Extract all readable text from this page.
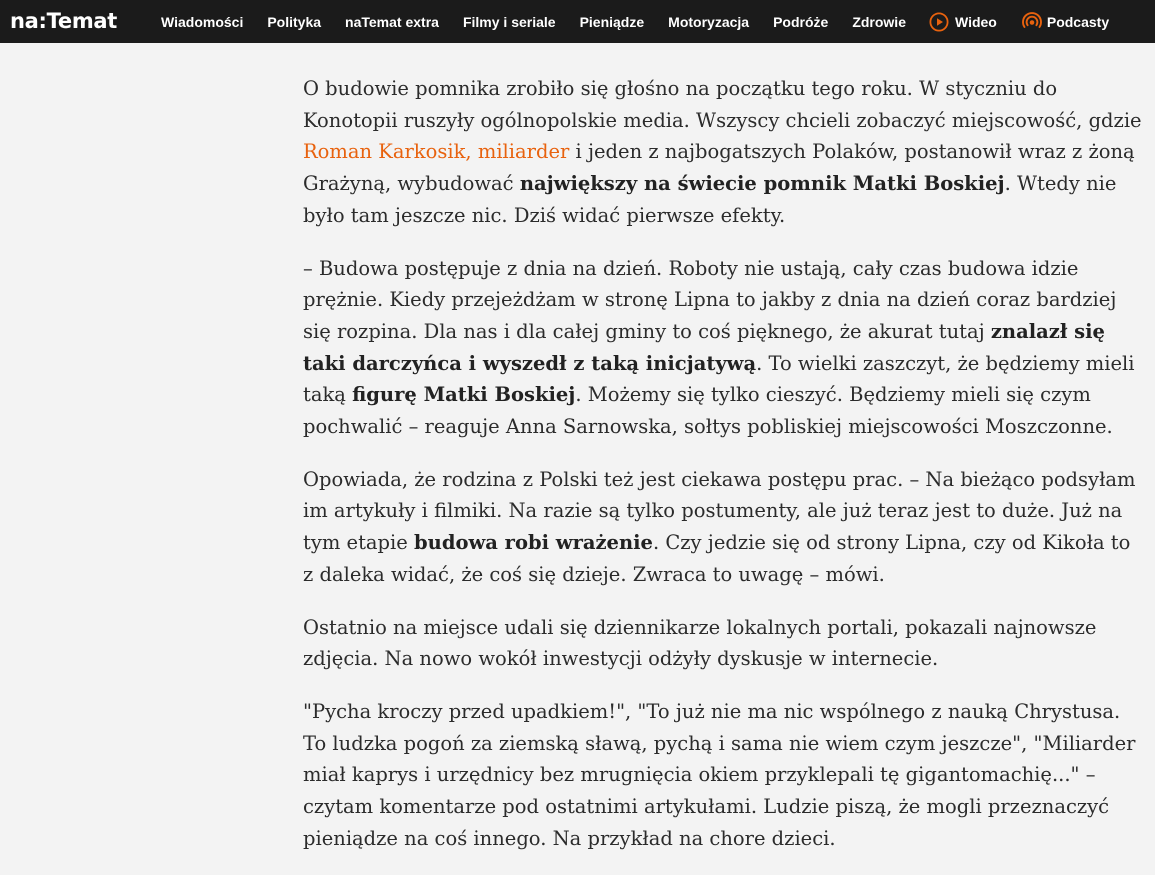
na:Temat	Wiadomości Polityka naTemat extra Filmy i seriale Pieniądze Motoryzacja Podróże Zdrowie	Wideo	Podcasty

O budowie pomnika zrobiło się głośno na początku tego roku. W styczniu do Konotopii ruszyły ogólnopolskie media. Wszyscy chcieli zobaczyć miejscowość, gdzie Roman Karkosik, miliarder i jeden z najbogatszych Polaków, postanowił wraz z żoną Grażyną, wybudować największy na świecie pomnik Matki Boskiej. Wtedy nie było tam jeszcze nic. Dziś widać pierwsze efekty.

– Budowa postępuje z dnia na dzień. Roboty nie ustają, cały czas budowa idzie prężnie. Kiedy przejeżdżam w stronę Lipna to jakby z dnia na dzień coraz bardziej się rozpina. Dla nas i dla całej gminy to coś pięknego, że akurat tutaj znalazł się taki darczyńca i wyszedł z taką inicjatywą. To wielki zaszczyt, że będziemy mieli taką figurę Matki Boskiej. Możemy się tylko cieszyć. Będziemy mieli się czym pochwalić – reaguje Anna Sarnowska, sołtys pobliskiej miejscowości Moszczonne.

Opowiada, że rodzina z Polski też jest ciekawa postępu prac. – Na bieżąco podsyłam im artykuły i filmiki. Na razie są tylko postumenty, ale już teraz jest to duże. Już na tym etapie budowa robi wrażenie. Czy jedzie się od strony Lipna, czy od Kikoła to z daleka widać, że coś się dzieje. Zwraca to uwagę – mówi.

Ostatnio na miejsce udali się dziennikarze lokalnych portali, pokazali najnowsze zdjęcia. Na nowo wokół inwestycji odżyły dyskusje w internecie.

"Pycha kroczy przed upadkiem!", "To już nie ma nic wspólnego z nauką Chrystusa. To ludzka pogoń za ziemską sławą, pychą i sama nie wiem czym jeszcze", "Miliarder miał kaprys i urzędnicy bez mrugnięcia okiem przyklepali tę gigantomachię..." – czytam komentarze pod ostatnimi artykułami. Ludzie piszą, że mogli przeznaczyć pieniądze na coś innego. Na przykład na chore dzieci.
